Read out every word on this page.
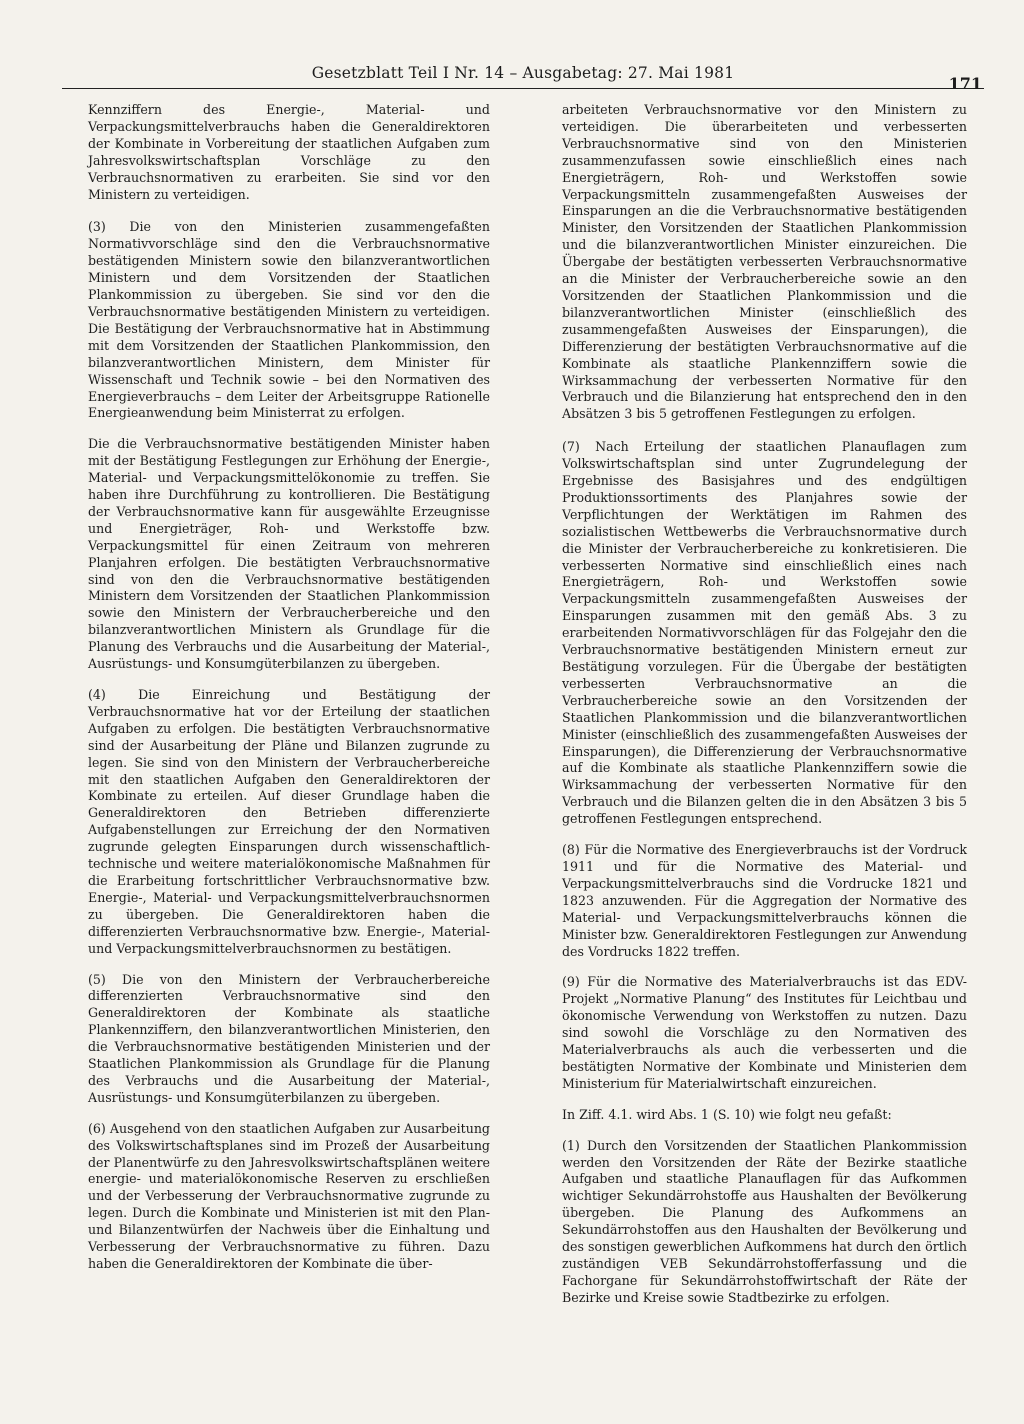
Gesetzblatt Teil I Nr. 14 – Ausgabetag: 27. Mai 1981
171

Kennziffern des Energie-, Material- und Verpackungsmittelverbrauchs haben die Generaldirektoren der Kombinate in Vorbereitung der staatlichen Aufgaben zum Jahresvolkswirtschaftsplan Vorschläge zu den Verbrauchsnormativen zu erarbeiten. Sie sind vor den Ministern zu verteidigen.

(3) Die von den Ministerien zusammengefaßten Normativvorschläge sind den die Verbrauchsnormative bestätigenden Ministern sowie den bilanzverantwortlichen Ministern und dem Vorsitzenden der Staatlichen Plankommission zu übergeben. Sie sind vor den die Verbrauchsnormative bestätigenden Ministern zu verteidigen. Die Bestätigung der Verbrauchsnormative hat in Abstimmung mit dem Vorsitzenden der Staatlichen Plankommission, den bilanzverantwortlichen Ministern, dem Minister für Wissenschaft und Technik sowie – bei den Normativen des Energieverbrauchs – dem Leiter der Arbeitsgruppe Rationelle Energieanwendung beim Ministerrat zu erfolgen.

Die die Verbrauchsnormative bestätigenden Minister haben mit der Bestätigung Festlegungen zur Erhöhung der Energie-, Material- und Verpackungsmittelökonomie zu treffen. Sie haben ihre Durchführung zu kontrollieren. Die Bestätigung der Verbrauchsnormative kann für ausgewählte Erzeugnisse und Energieträger, Roh- und Werkstoffe bzw. Verpackungsmittel für einen Zeitraum von mehreren Planjahren erfolgen. Die bestätigten Verbrauchsnormative sind von den die Verbrauchsnormative bestätigenden Ministern dem Vorsitzenden der Staatlichen Plankommission sowie den Ministern der Verbraucherbereiche und den bilanzverantwortlichen Ministern als Grundlage für die Planung des Verbrauchs und die Ausarbeitung der Material-, Ausrüstungs- und Konsumgüterbilanzen zu übergeben.

(4) Die Einreichung und Bestätigung der Verbrauchsnormative hat vor der Erteilung der staatlichen Aufgaben zu erfolgen. Die bestätigten Verbrauchsnormative sind der Ausarbeitung der Pläne und Bilanzen zugrunde zu legen. Sie sind von den Ministern der Verbraucherbereiche mit den staatlichen Aufgaben den Generaldirektoren der Kombinate zu erteilen. Auf dieser Grundlage haben die Generaldirektoren den Betrieben differenzierte Aufgabenstellungen zur Erreichung der den Normativen zugrunde gelegten Einsparungen durch wissenschaftlich-technische und weitere materialökonomische Maßnahmen für die Erarbeitung fortschrittlicher Verbrauchsnormative bzw. Energie-, Material- und Verpackungsmittelverbrauchsnormen zu übergeben. Die Generaldirektoren haben die differenzierten Verbrauchsnormative bzw. Energie-, Material- und Verpackungsmittelverbrauchsnormen zu bestätigen.

(5) Die von den Ministern der Verbraucherbereiche differenzierten Verbrauchsnormative sind den Generaldirektoren der Kombinate als staatliche Plankennziffern, den bilanzverantwortlichen Ministerien, den die Verbrauchsnormative bestätigenden Ministerien und der Staatlichen Plankommission als Grundlage für die Planung des Verbrauchs und die Ausarbeitung der Material-, Ausrüstungs- und Konsumgüterbilanzen zu übergeben.

(6) Ausgehend von den staatlichen Aufgaben zur Ausarbeitung des Volkswirtschaftsplanes sind im Prozeß der Ausarbeitung der Planentwürfe zu den Jahresvolkswirtschaftsplänen weitere energie- und materialökonomische Reserven zu erschließen und der Verbesserung der Verbrauchsnormative zugrunde zu legen. Durch die Kombinate und Ministerien ist mit den Plan- und Bilanzentwürfen der Nachweis über die Einhaltung und Verbesserung der Verbrauchsnormative zu führen. Dazu haben die Generaldirektoren der Kombinate die über-

arbeiteten Verbrauchsnormative vor den Ministern zu verteidigen. Die überarbeiteten und verbesserten Verbrauchsnormative sind von den Ministerien zusammenzufassen sowie einschließlich eines nach Energieträgern, Roh- und Werkstoffen sowie Verpackungsmitteln zusammengefaßten Ausweises der Einsparungen an die die Verbrauchsnormative bestätigenden Minister, den Vorsitzenden der Staatlichen Plankommission und die bilanzverantwortlichen Minister einzureichen. Die Übergabe der bestätigten verbesserten Verbrauchsnormative an die Minister der Verbraucherbereiche sowie an den Vorsitzenden der Staatlichen Plankommission und die bilanzverantwortlichen Minister (einschließlich des zusammengefaßten Ausweises der Einsparungen), die Differenzierung der bestätigten Verbrauchsnormative auf die Kombinate als staatliche Plankennziffern sowie die Wirksammachung der verbesserten Normative für den Verbrauch und die Bilanzierung hat entsprechend den in den Absätzen 3 bis 5 getroffenen Festlegungen zu erfolgen.

(7) Nach Erteilung der staatlichen Planauflagen zum Volkswirtschaftsplan sind unter Zugrundelegung der Ergebnisse des Basisjahres und des endgültigen Produktionssortiments des Planjahres sowie der Verpflichtungen der Werktätigen im Rahmen des sozialistischen Wettbewerbs die Verbrauchsnormative durch die Minister der Verbraucherbereiche zu konkretisieren. Die verbesserten Normative sind einschließlich eines nach Energieträgern, Roh- und Werkstoffen sowie Verpackungsmitteln zusammengefaßten Ausweises der Einsparungen zusammen mit den gemäß Abs. 3 zu erarbeitenden Normativvorschlägen für das Folgejahr den die Verbrauchsnormative bestätigenden Ministern erneut zur Bestätigung vorzulegen. Für die Übergabe der bestätigten verbesserten Verbrauchsnormative an die Verbraucherbereiche sowie an den Vorsitzenden der Staatlichen Plankommission und die bilanzverantwortlichen Minister (einschließlich des zusammengefaßten Ausweises der Einsparungen), die Differenzierung der Verbrauchsnormative auf die Kombinate als staatliche Plankennziffern sowie die Wirksammachung der verbesserten Normative für den Verbrauch und die Bilanzen gelten die in den Absätzen 3 bis 5 getroffenen Festlegungen entsprechend.

(8) Für die Normative des Energieverbrauchs ist der Vordruck 1911 und für die Normative des Material- und Verpackungsmittelverbrauchs sind die Vordrucke 1821 und 1823 anzuwenden. Für die Aggregation der Normative des Material- und Verpackungsmittelverbrauchs können die Minister bzw. Generaldirektoren Festlegungen zur Anwendung des Vordrucks 1822 treffen.

(9) Für die Normative des Materialverbrauchs ist das EDV-Projekt „Normative Planung“ des Institutes für Leichtbau und ökonomische Verwendung von Werkstoffen zu nutzen. Dazu sind sowohl die Vorschläge zu den Normativen des Materialverbrauchs als auch die verbesserten und die bestätigten Normative der Kombinate und Ministerien dem Ministerium für Materialwirtschaft einzureichen.

In Ziff. 4.1. wird Abs. 1 (S. 10) wie folgt neu gefaßt:

(1) Durch den Vorsitzenden der Staatlichen Plankommission werden den Vorsitzenden der Räte der Bezirke staatliche Aufgaben und staatliche Planauflagen für das Aufkommen wichtiger Sekundärrohstoffe aus Haushalten der Bevölkerung übergeben. Die Planung des Aufkommens an Sekundärrohstoffen aus den Haushalten der Bevölkerung und des sonstigen gewerblichen Aufkommens hat durch den örtlich zuständigen VEB Sekundärrohstofferfassung und die Fachorgane für Sekundärrohstoffwirtschaft der Räte der Bezirke und Kreise sowie Stadtbezirke zu erfolgen.
